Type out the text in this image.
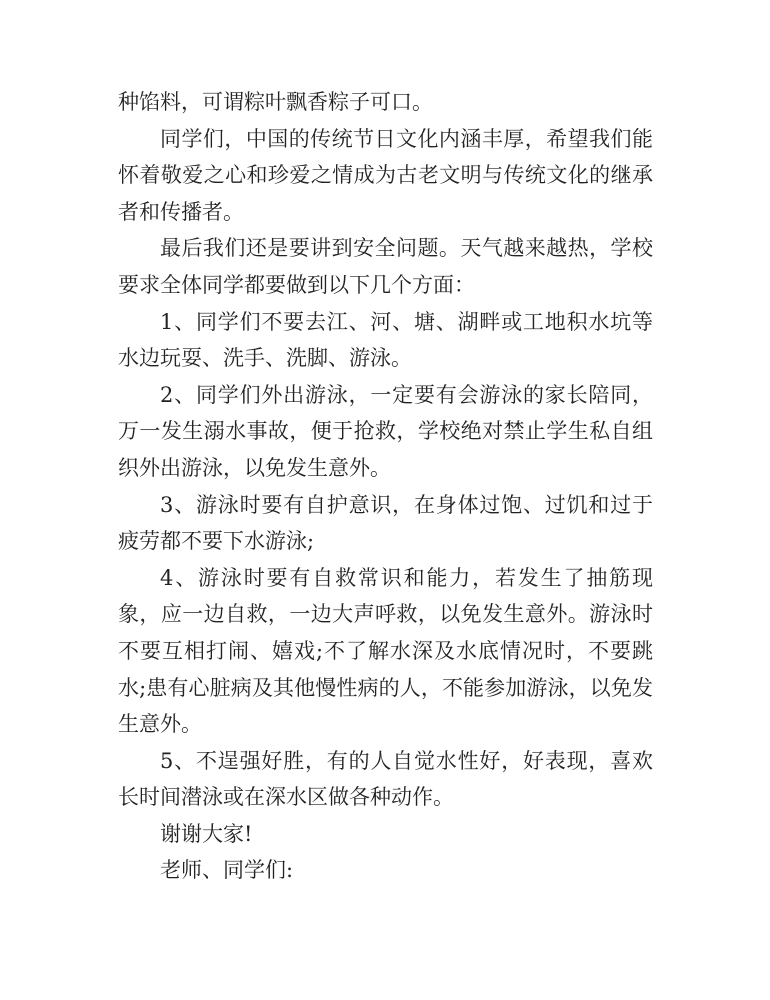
种馅料，可谓粽叶飘香粽子可口。

同学们，中国的传统节日文化内涵丰厚，希望我们能怀着敬爱之心和珍爱之情成为古老文明与传统文化的继承者和传播者。

最后我们还是要讲到安全问题。天气越来越热，学校要求全体同学都要做到以下几个方面：

1、同学们不要去江、河、塘、湖畔或工地积水坑等水边玩耍、洗手、洗脚、游泳。

2、同学们外出游泳，一定要有会游泳的家长陪同，万一发生溺水事故，便于抢救，学校绝对禁止学生私自组织外出游泳，以免发生意外。

3、游泳时要有自护意识，在身体过饱、过饥和过于疲劳都不要下水游泳;

4、游泳时要有自救常识和能力，若发生了抽筋现象，应一边自救，一边大声呼救，以免发生意外。游泳时不要互相打闹、嬉戏;不了解水深及水底情况时，不要跳水;患有心脏病及其他慢性病的人，不能参加游泳，以免发生意外。

5、不逞强好胜，有的人自觉水性好，好表现，喜欢长时间潜泳或在深水区做各种动作。

谢谢大家!

老师、同学们:
